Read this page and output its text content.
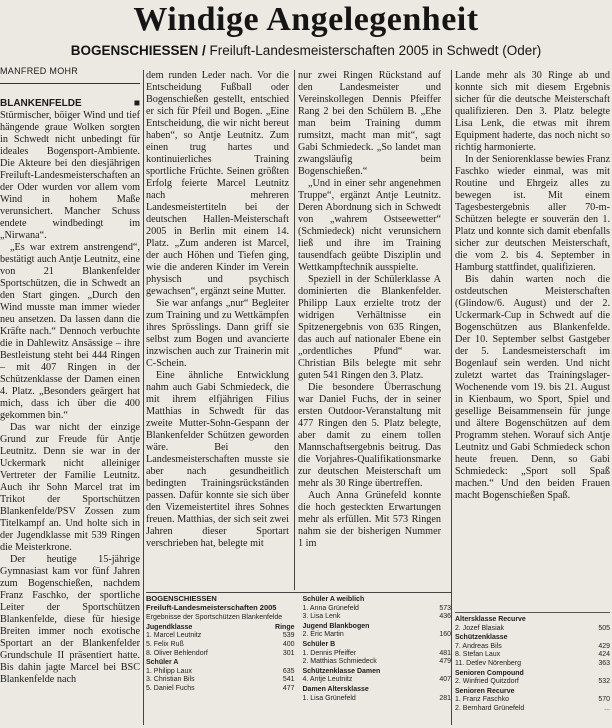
Windige Angelegenheit
BOGENSCHIESSEN / Freiluft-Landesmeisterschaften 2005 in Schwedt (Oder)
MANFRED MOHR

BLANKENFELDE ■ Stürmischer, böiger Wind und tief hängende graue Wolken sorgten in Schwedt nicht unbedingt für ideales Bogensport-Ambiente. Die Akteure bei den diesjährigen Freiluft-Landesmeisterschaften an der Oder wurden vor allem vom Wind in hohem Maße verunsichert. Mancher Schuss endete windbedingt im „Nirwana“.

„Es war extrem anstrengend“, bestätigt auch Antje Leutnitz, eine von 21 Blankenfelder Sportschützen, die in Schwedt an den Start gingen. „Durch den Wind musste man immer wieder neu ansetzen. Da lassen dann die Kräfte nach.“ Dennoch verbuchte die in Dahlewitz Ansässige – ihre Bestleistung steht bei 444 Ringen – mit 407 Ringen in der Schützenklasse der Damen einen 4. Platz. „Besonders geärgert hat mich, dass ich über die 400 gekommen bin.“

Das war nicht der einzige Grund zur Freude für Antje Leutnitz. Denn sie war in der Uckermark nicht alleiniger Vertreter der Familie Leutnitz. Auch ihr Sohn Marcel trat im Trikot der Sportschützen Blankenfelde/PSV Zossen zum Titelkampf an. Und holte sich in der Jugendklasse mit 539 Ringen die Meisterkrone.

Der heutige 15-jährige Gymnasiast kam vor fünf Jahren zum Bogenschießen, nachdem Franz Faschko, der sportliche Leiter der Sportschützen Blankenfelde, diese für hiesige Breiten immer noch exotische Sportart an der Blankenfelder Grundschule II präsentiert hatte. Bis dahin jagte Marcel bei BSC Blankenfelde nach

dem runden Leder nach. Vor die Entscheidung Fußball oder Bogenschießen gestellt, entschied er sich für Pfeil und Bogen. „Eine Entscheidung, die wir nicht bereut haben“, so Antje Leutnitz. Zum einen trug hartes und kontinuierliches Training sportliche Früchte. Seinen größten Erfolg feierte Marcel Leutnitz nach mehreren Landesmeistertiteln bei der deutschen Hallen-Meisterschaft 2005 in Berlin mit einem 14. Platz. „Zum anderen ist Marcel, der auch Höhen und Tiefen ging, wie die anderen Kinder im Verein physisch und psychisch gewachsen“, ergänzt seine Mutter.

Sie war anfangs „nur“ Begleiter zum Training und zu Wettkämpfen ihres Sprösslings. Dann griff sie selbst zum Bogen und avancierte inzwischen auch zur Trainerin mit C-Schein.

Eine ähnliche Entwicklung nahm auch Gabi Schmiedeck, die mit ihrem elfjährigen Filius Matthias in Schwedt für das zweite Mutter-Sohn-Gespann der Blankenfelder Schützen geworden wäre. Bei den Landesmeisterschaften musste sie aber nach gesundheitlich bedingten Trainingsrückständen passen. Dafür konnte sie sich über den Vizemeistertitel ihres Sohnes freuen. Matthias, der sich seit zwei Jahren dieser Sportart verschrieben hat, belegte mit

nur zwei Ringen Rückstand auf den Landesmeister und Vereinskollegen Dennis Pfeiffer Rang 2 bei den Schülern B. „Ehe man beim Training dumm rumsitzt, macht man mit“, sagt Gabi Schmiedeck. „So landet man zwangsläufig beim Bogenschießen.“

„Und in einer sehr angenehmen Truppe“, ergänzt Antje Leutnitz. Deren Abordnung sich in Schwedt von „wahrem Ostseewetter“ (Schmiedeck) nicht verunsichern ließ und ihre im Training tausendfach geübte Disziplin und Wettkampftechnik ausspielte.

Speziell in der Schülerklasse A dominierten die Blankenfelder. Philipp Laux erzielte trotz der widrigen Verhältnisse ein Spitzenergebnis von 635 Ringen, das auch auf nationaler Ebene ein „ordentliches Pfund“ war. Christian Bils belegte mit sehr guten 541 Ringen den 3. Platz.

Die besondere Überraschung war Daniel Fuchs, der in seiner ersten Outdoor-Veranstaltung mit 477 Ringen den 5. Platz belegte, aber damit zu einem tollen Mannschaftsergebnis beitrug. Das die Vorjahres-Qualifikationsmarke zur deutschen Meisterschaft um mehr als 30 Ringe übertreffen.

Auch Anna Grünefeld konnte die hoch gesteckten Erwartungen mehr als erfüllen. Mit 573 Ringen nahm sie der bisherigen Nummer 1 im

Lande mehr als 30 Ringe ab und konnte sich mit diesem Ergebnis sicher für die deutsche Meisterschaft qualifizieren. Den 3. Platz belegte Lisa Lenk, die etwas mit ihrem Equipment haderte, das noch nicht so richtig harmonierte.

In der Seniorenklasse bewies Franz Faschko wieder einmal, was mit Routine und Ehrgeiz alles zu bewegen ist. Mit einem Tagesbestergebnis aller 70-m-Schützen belegte er souverän den 1. Platz und konnte sich damit ebenfalls sicher zur deutschen Meisterschaft, die vom 2. bis 4. September in Hamburg stattfindet, qualifizieren.

Bis dahin warten noch die ostdeutschen Meisterschaften (Glindow/6. August) und der 2. Uckermark-Cup in Schwedt auf die Bogenschützen aus Blankenfelde. Der 10. September selbst Gastgeber der 5. Landesmeisterschaft im Bogenlauf sein werden. Und nicht zuletzt wartet das Trainingslager-Wochenende vom 19. bis 21. August in Kienbaum, wo Sport, Spiel und gesellige Beisammensein für junge und ältere Bogenschützen auf dem Programm stehen. Worauf sich Antje Leutnitz und Gabi Schmiedeck schon heute freuen. Denn, so Gabi Schmiedeck: „Sport soll Spaß machen.“ Und den beiden Frauen macht Bogenschießen Spaß.

BOGENSCHIESSEN
Freiluft-Landesmeisterschaften 2005
Ergebnisse der Sportschützen Blankenfelde
Jugendklasse	Ringe
1. Marcel Leutnitz	539
5. Felix Ruß	400
8. Oliver Behlendorf	301
Schüler A
1. Philipp Laux	635
3. Christian Bils	541
5. Daniel Fuchs	477
Schüler A weiblich
1. Anna Grünefeld	573
3. Lisa Lenk	436
Jugend Blankbogen
2. Eric Martin	160
Schüler B
1. Dennis Pfeiffer	481
2. Matthias Schmiedeck	479
Schützenklasse Damen
4. Antje Leutnitz	407
Damen Altersklasse
1. Lisa Grünefeld	281
Altersklasse Recurve
2. Jozef Blasiak	505
Schützenklasse
7. Andreas Bils	429
8. Stefan Laux	424
11. Detlev Nörenberg	363
Senioren Compound
2. Winfried Quitzdorf	532
Senioren Recurve
1. Franz Faschko	570
2. Bernhard Grünefeld	...
